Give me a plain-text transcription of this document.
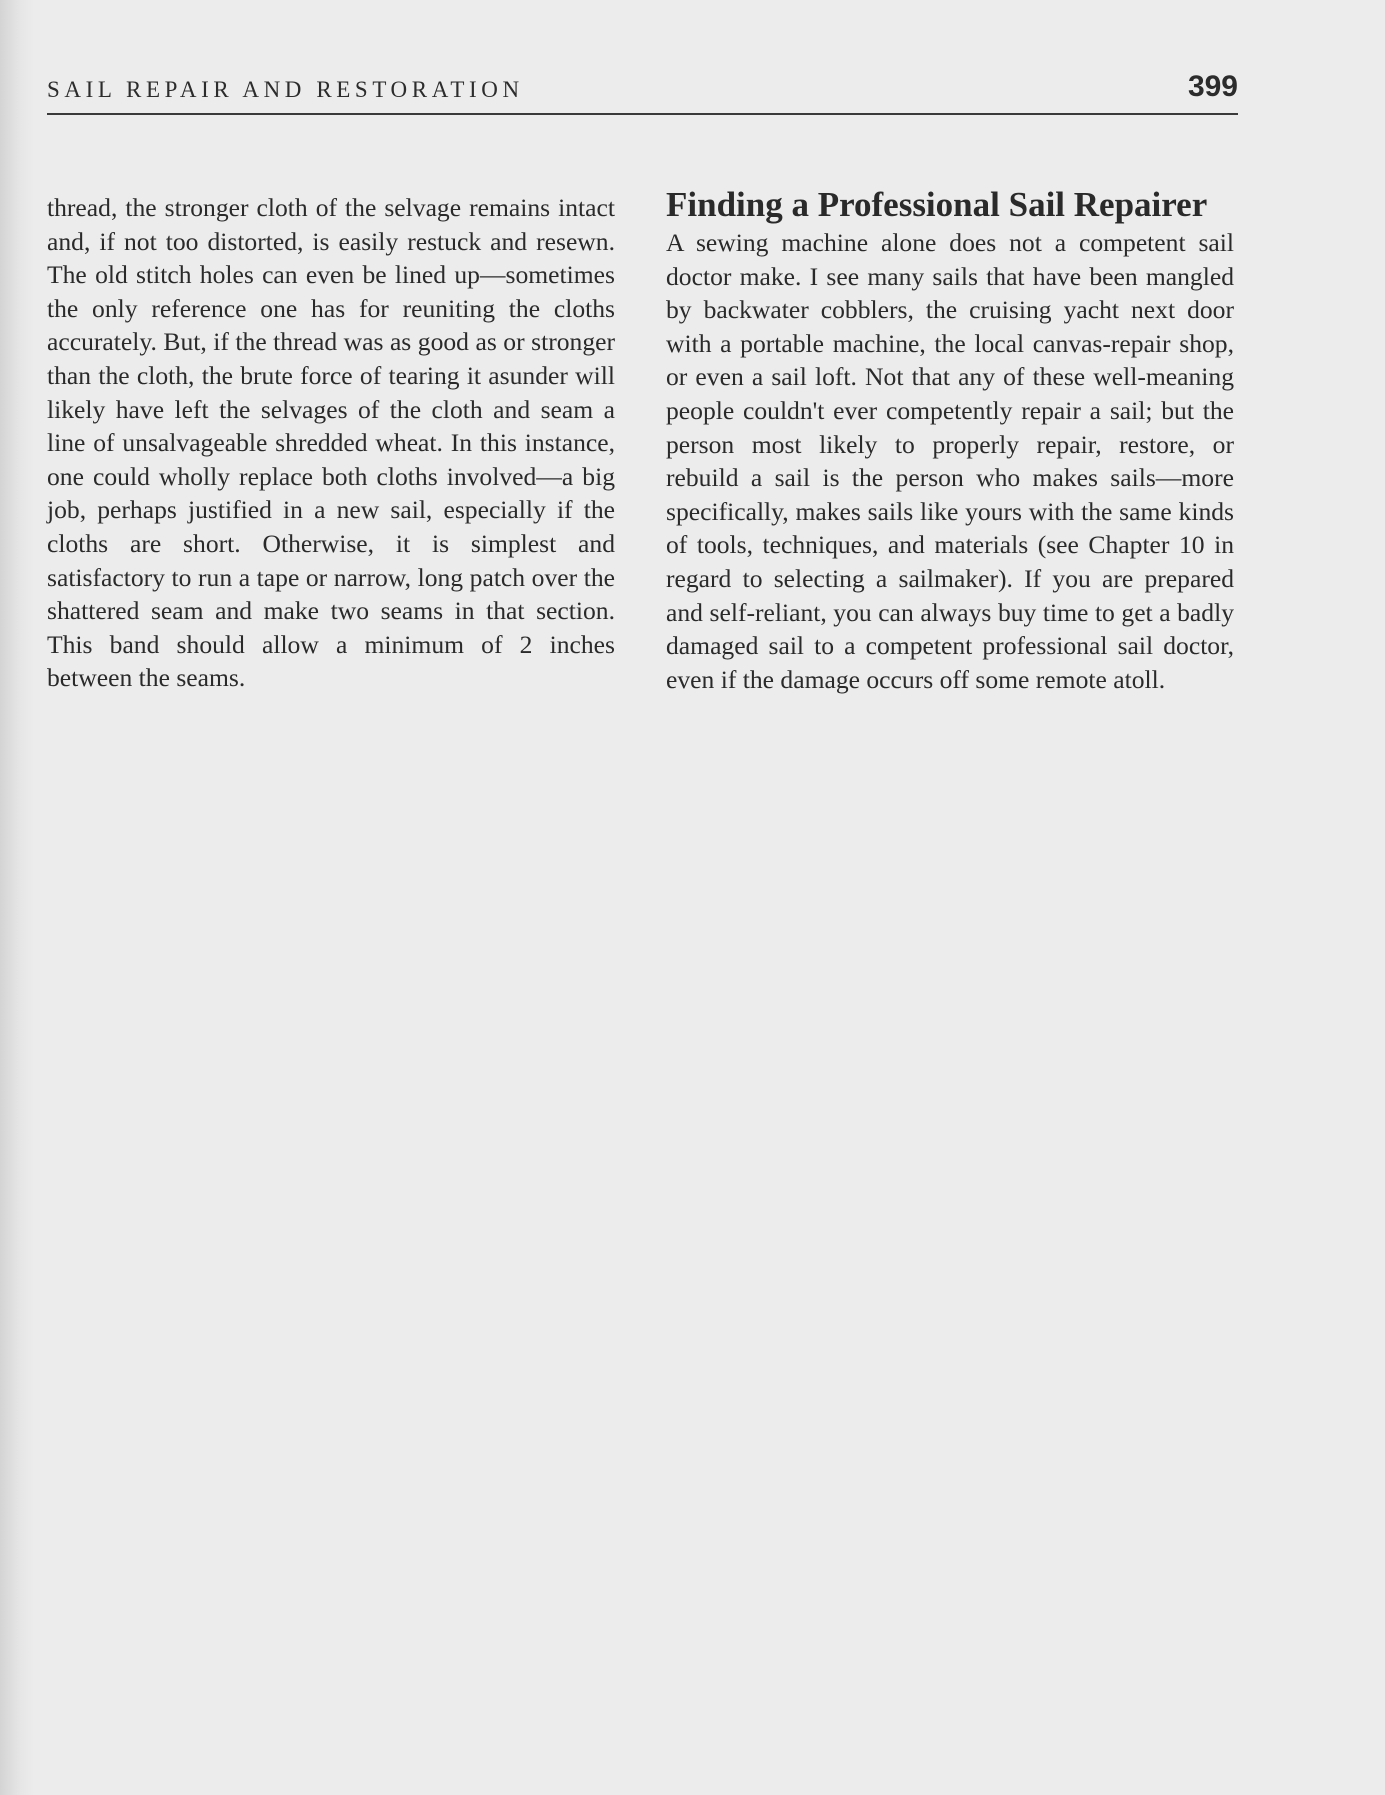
SAIL REPAIR AND RESTORATION	399

thread, the stronger cloth of the selvage remains intact and, if not too distorted, is easily restuck and resewn. The old stitch holes can even be lined up—sometimes the only reference one has for reuniting the cloths accurately. But, if the thread was as good as or stronger than the cloth, the brute force of tearing it asunder will likely have left the selvages of the cloth and seam a line of unsalvageable shredded wheat. In this instance, one could wholly replace both cloths involved—a big job, perhaps justified in a new sail, especially if the cloths are short. Otherwise, it is simplest and satisfactory to run a tape or narrow, long patch over the shattered seam and make two seams in that section. This band should allow a minimum of 2 inches between the seams.

Finding a Professional Sail Repairer

A sewing machine alone does not a competent sail doctor make. I see many sails that have been mangled by backwater cobblers, the cruising yacht next door with a portable machine, the local canvas-repair shop, or even a sail loft. Not that any of these well-meaning people couldn't ever competently repair a sail; but the person most likely to properly repair, restore, or rebuild a sail is the person who makes sails—more specifically, makes sails like yours with the same kinds of tools, techniques, and materials (see Chapter 10 in regard to selecting a sailmaker). If you are prepared and self-reliant, you can always buy time to get a badly damaged sail to a competent professional sail doctor, even if the damage occurs off some remote atoll.
